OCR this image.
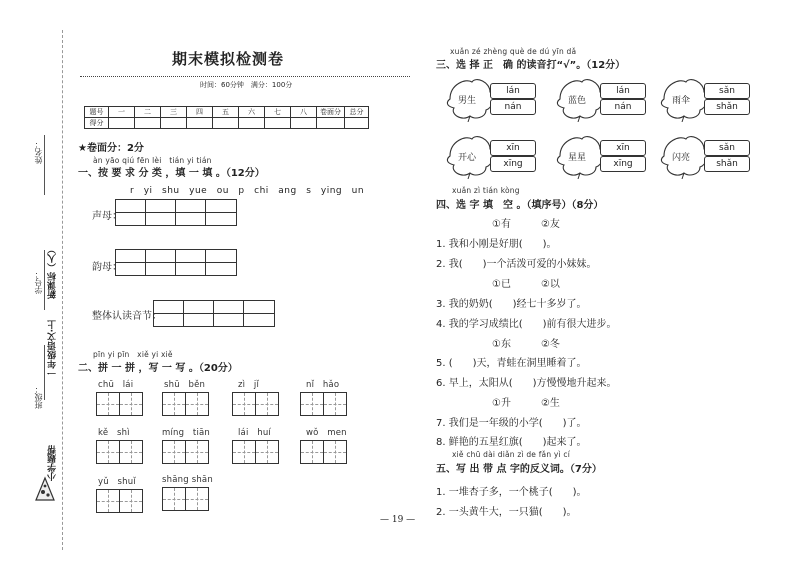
姓名：
学号：
班级：
新课标（人）
一年级语文·上
小学题帮
期末模拟检测卷
时间：60分钟　满分：100分
题号	一	二	三	四	五	六	七	八	卷面分	总分
得分										
★卷面分：2分
àn yāo qiú fēn lèi　tián yi tián
一、按 要 求 分 类 ，填 一 填 。（12分）
r　yi　shu　yue　ou　p　chi　ang　s　ying　un
声母：
韵母：
整体认读音节：
pīn yi pīn　xiě yi xiě
二、拼 一 拼 ，写 一 写 。（20分）
chū　lái	shū　běn	zì　jǐ	nǐ　hǎo
kě　shì	míng　tiān	lái　huí	wǒ　men
yǔ　shuǐ	shāng shān
xuǎn zé zhèng què de dú yīn dǎ
三、选 择 正　确 的读音打“√”。（12分）
男生
lán
nán
蓝色
lán
nán
雨伞
sǎn
shǎn
开心
xīn
xīng
星星
xīn
xīng
闪亮
sǎn
shǎn
xuǎn zì tián kòng
四、选 字 填　空 。（填序号）（8分）
①有　　　②友
1. 我和小刚是好朋(　　)。
2. 我(　　)一个活泼可爱的小妹妹。
①已　　　②以
3. 我的奶奶(　　)经七十多岁了。
4. 我的学习成绩比(　　)前有很大进步。
①东　　　②冬
5. (　　)天，青蛙在洞里睡着了。
6. 早上，太阳从(　　)方慢慢地升起来。
①升　　　②生
7. 我们是一年级的小学(　　)了。
8. 鲜艳的五星红旗(　　)起来了。
xiě chū dài diǎn zì de fǎn yì cí
五、写 出 带 点 字的反义词。（7分）
1. 一堆杏子多，一个桃子(　　)。
2. 一头黄牛大，一只猫(　　)。
— 19 —
